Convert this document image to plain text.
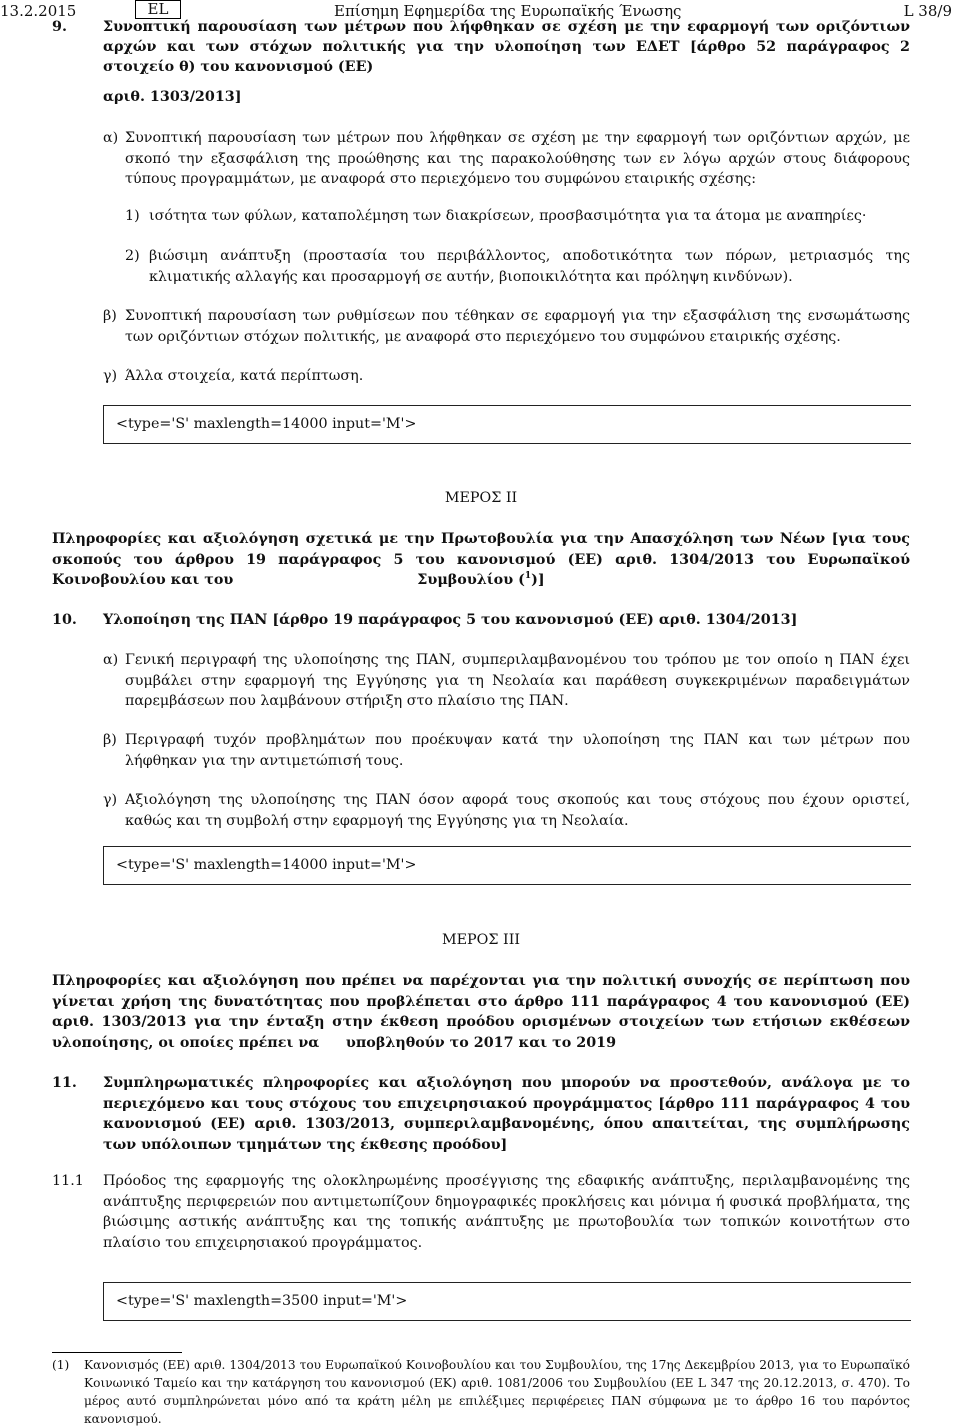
13.2.2015	EL	Επίσημη Εφημερίδα της Ευρωπαϊκής Ένωσης	L 38/9
9.	Συνοπτική παρουσίαση των μέτρων που λήφθηκαν σε σχέση με την εφαρμογή των οριζόντιων αρχών και των στόχων πολιτικής για την υλοποίηση των ΕΔΕΤ [άρθρο 52 παράγραφος 2 στοιχείο θ) του κανονισμού (ΕΕ)
αριθ. 1303/2013]
α) Συνοπτική παρουσίαση των μέτρων που λήφθηκαν σε σχέση με την εφαρμογή των οριζόντιων αρχών, με σκοπό την εξασφάλιση της προώθησης και της παρακολούθησης των εν λόγω αρχών στους διάφορους τύπους προγραμμάτων, με αναφορά στο περιεχόμενο του συμφώνου εταιρικής σχέσης:
1) ισότητα των φύλων, καταπολέμηση των διακρίσεων, προσβασιμότητα για τα άτομα με αναπηρίες·
2) βιώσιμη ανάπτυξη (προστασία του περιβάλλοντος, αποδοτικότητα των πόρων, μετριασμός της κλιματικής αλλαγής και προσαρμογή σε αυτήν, βιοποικιλότητα και πρόληψη κινδύνων).
β) Συνοπτική παρουσίαση των ρυθμίσεων που τέθηκαν σε εφαρμογή για την εξασφάλιση της ενσωμάτωσης των οριζόντιων στόχων πολιτικής, με αναφορά στο περιεχόμενο του συμφώνου εταιρικής σχέσης.
γ) Άλλα στοιχεία, κατά περίπτωση.
<type='S' maxlength=14000 input='M'>
ΜΕΡΟΣ II
Πληροφορίες και αξιολόγηση σχετικά με την Πρωτοβουλία για την Απασχόληση των Νέων [για τους σκοπούς του άρθρου 19 παράγραφος 5 του κανονισμού (ΕΕ) αριθ. 1304/2013 του Ευρωπαϊκού Κοινοβουλίου και του	Συμβουλίου ($^1$)]
10. Υλοποίηση της ΠΑΝ [άρθρο 19 παράγραφος 5 του κανονισμού (ΕΕ) αριθ. 1304/2013]
α) Γενική περιγραφή της υλοποίησης της ΠΑΝ, συμπεριλαμβανομένου του τρόπου με τον οποίο η ΠΑΝ έχει συμβάλει στην εφαρμογή της Εγγύησης για τη Νεολαία και παράθεση συγκεκριμένων παραδειγμάτων παρεμβάσεων που λαμβάνουν στήριξη στο πλαίσιο της ΠΑΝ.
β) Περιγραφή τυχόν προβλημάτων που προέκυψαν κατά την υλοποίηση της ΠΑΝ και των μέτρων που λήφθηκαν για την αντιμετώπισή τους.
γ) Αξιολόγηση της υλοποίησης της ΠΑΝ όσον αφορά τους σκοπούς και τους στόχους που έχουν οριστεί, καθώς και τη συμβολή στην εφαρμογή της Εγγύησης για τη Νεολαία.
<type='S' maxlength=14000 input='M'>
ΜΕΡΟΣ III
Πληροφορίες και αξιολόγηση που πρέπει να παρέχονται για την πολιτική συνοχής σε περίπτωση που γίνεται χρήση της δυνατότητας που προβλέπεται στο άρθρο 111 παράγραφος 4 του κανονισμού (ΕΕ) αριθ. 1303/2013 για την ένταξη στην έκθεση προόδου ορισμένων στοιχείων των ετήσιων εκθέσεων υλοποίησης, οι οποίες πρέπει να	υποβληθούν το 2017 και το 2019
11. Συμπληρωματικές πληροφορίες και αξιολόγηση που μπορούν να προστεθούν, ανάλογα με το περιεχόμενο και τους στόχους του επιχειρησιακού προγράμματος [άρθρο 111 παράγραφος 4 του κανονισμού (ΕΕ) αριθ. 1303/2013, συμπεριλαμβανομένης, όπου απαιτείται, της συμπλήρωσης των υπόλοιπων τμημάτων της έκθεσης προόδου]
11.1 Πρόοδος της εφαρμογής της ολοκληρωμένης προσέγγισης της εδαφικής ανάπτυξης, περιλαμβανομένης της ανάπτυξης περιφερειών που αντιμετωπίζουν δημογραφικές προκλήσεις και μόνιμα ή φυσικά προβλήματα, της βιώσιμης αστικής ανάπτυξης και της τοπικής ανάπτυξης με πρωτοβουλία των τοπικών κοινοτήτων στο πλαίσιο του επιχειρησιακού προγράμματος.
<type='S' maxlength=3500 input='M'>
(1) Κανονισμός (ΕΕ) αριθ. 1304/2013 του Ευρωπαϊκού Κοινοβουλίου και του Συμβουλίου, της 17ης Δεκεμβρίου 2013, για το Ευρωπαϊκό Κοινωνικό Ταμείο και την κατάργηση του κανονισμού (ΕΚ) αριθ. 1081/2006 του Συμβουλίου (ΕΕ L 347 της 20.12.2013, σ. 470). Το μέρος αυτό συμπληρώνεται μόνο από τα κράτη μέλη με επιλέξιμες περιφέρειες ΠΑΝ σύμφωνα με το άρθρο 16 του παρόντος κανονισμού.
